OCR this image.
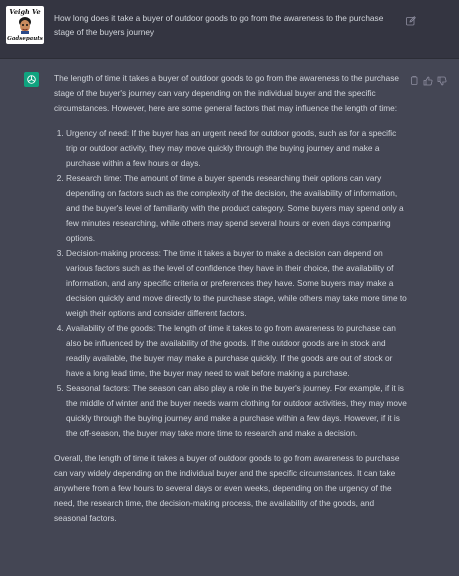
Veigh Ve
Gadsepauts
How long does it take a buyer of outdoor goods to go from the awareness to the purchase stage of the buyers journey

The length of time it takes a buyer of outdoor goods to go from the awareness to the purchase stage of the buyer's journey can vary depending on the individual buyer and the specific circumstances. However, here are some general factors that may influence the length of time:

1. Urgency of need: If the buyer has an urgent need for outdoor goods, such as for a specific trip or outdoor activity, they may move quickly through the buying journey and make a purchase within a few hours or days.
2. Research time: The amount of time a buyer spends researching their options can vary depending on factors such as the complexity of the decision, the availability of information, and the buyer's level of familiarity with the product category. Some buyers may spend only a few minutes researching, while others may spend several hours or even days comparing options.
3. Decision-making process: The time it takes a buyer to make a decision can depend on various factors such as the level of confidence they have in their choice, the availability of information, and any specific criteria or preferences they have. Some buyers may make a decision quickly and move directly to the purchase stage, while others may take more time to weigh their options and consider different factors.
4. Availability of the goods: The length of time it takes to go from awareness to purchase can also be influenced by the availability of the goods. If the outdoor goods are in stock and readily available, the buyer may make a purchase quickly. If the goods are out of stock or have a long lead time, the buyer may need to wait before making a purchase.
5. Seasonal factors: The season can also play a role in the buyer's journey. For example, if it is the middle of winter and the buyer needs warm clothing for outdoor activities, they may move quickly through the buying journey and make a purchase within a few days. However, if it is the off-season, the buyer may take more time to research and make a decision.

Overall, the length of time it takes a buyer of outdoor goods to go from awareness to purchase can vary widely depending on the individual buyer and the specific circumstances. It can take anywhere from a few hours to several days or even weeks, depending on the urgency of the need, the research time, the decision-making process, the availability of the goods, and seasonal factors.
